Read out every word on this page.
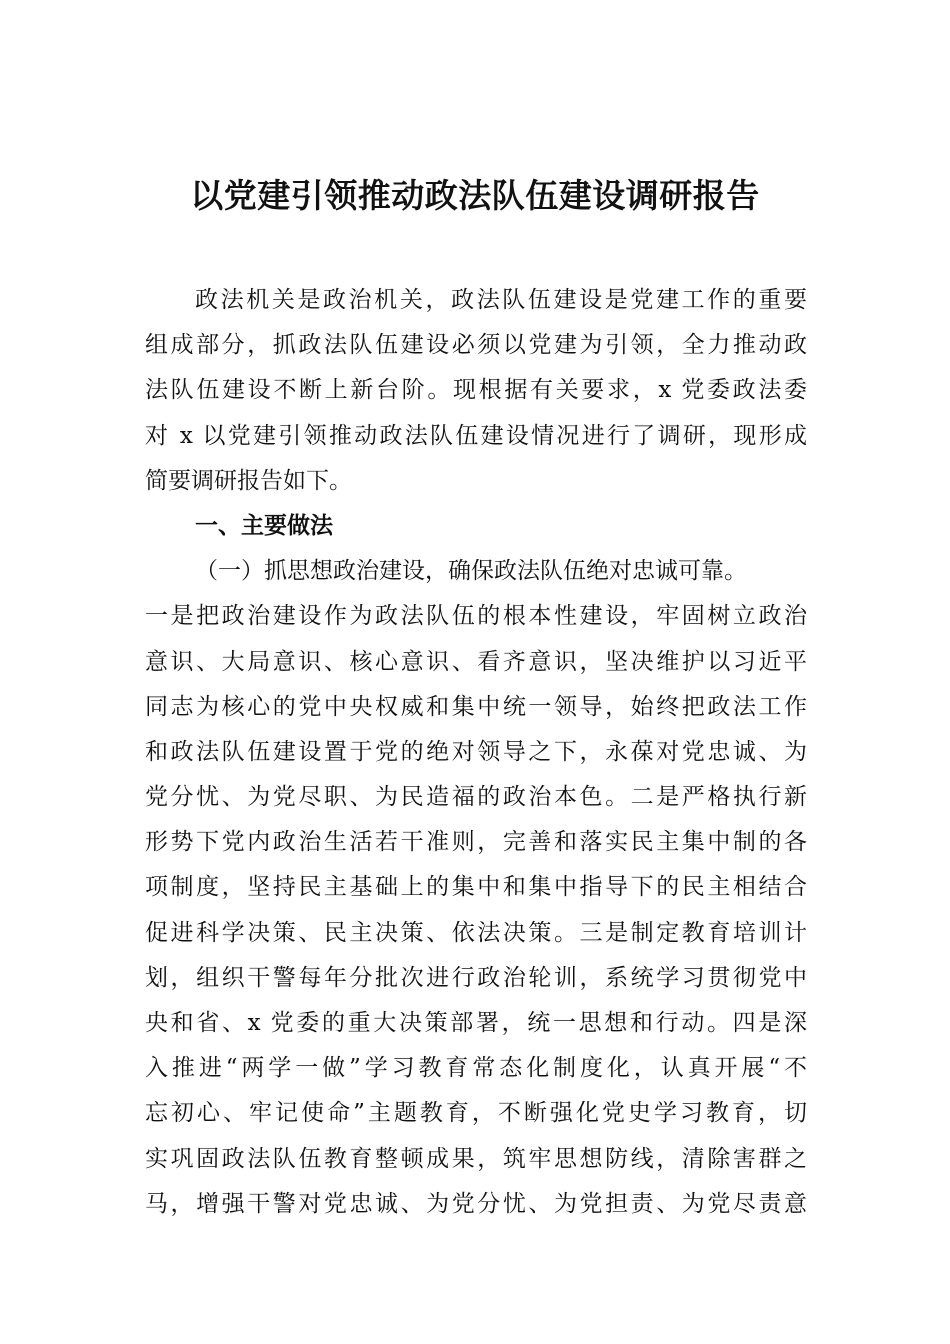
以党建引领推动政法队伍建设调研报告
政法机关是政治机关，政法队伍建设是党建工作的重要
组成部分，抓政法队伍建设必须以党建为引领，全力推动政
法队伍建设不断上新台阶。现根据有关要求，x 党委政法委
对 x 以党建引领推动政法队伍建设情况进行了调研，现形成
简要调研报告如下。
一、主要做法
（一）抓思想政治建设，确保政法队伍绝对忠诚可靠。
一是把政治建设作为政法队伍的根本性建设，牢固树立政治
意识、大局意识、核心意识、看齐意识，坚决维护以习近平
同志为核心的党中央权威和集中统一领导，始终把政法工作
和政法队伍建设置于党的绝对领导之下，永葆对党忠诚、为
党分忧、为党尽职、为民造福的政治本色。二是严格执行新
形势下党内政治生活若干准则，完善和落实民主集中制的各
项制度，坚持民主基础上的集中和集中指导下的民主相结合
促进科学决策、民主决策、依法决策。三是制定教育培训计
划，组织干警每年分批次进行政治轮训，系统学习贯彻党中
央和省、x 党委的重大决策部署，统一思想和行动。四是深
入推进“两学一做”学习教育常态化制度化，认真开展“不
忘初心、牢记使命”主题教育，不断强化党史学习教育，切
实巩固政法队伍教育整顿成果，筑牢思想防线，清除害群之
马，增强干警对党忠诚、为党分忧、为党担责、为党尽责意
